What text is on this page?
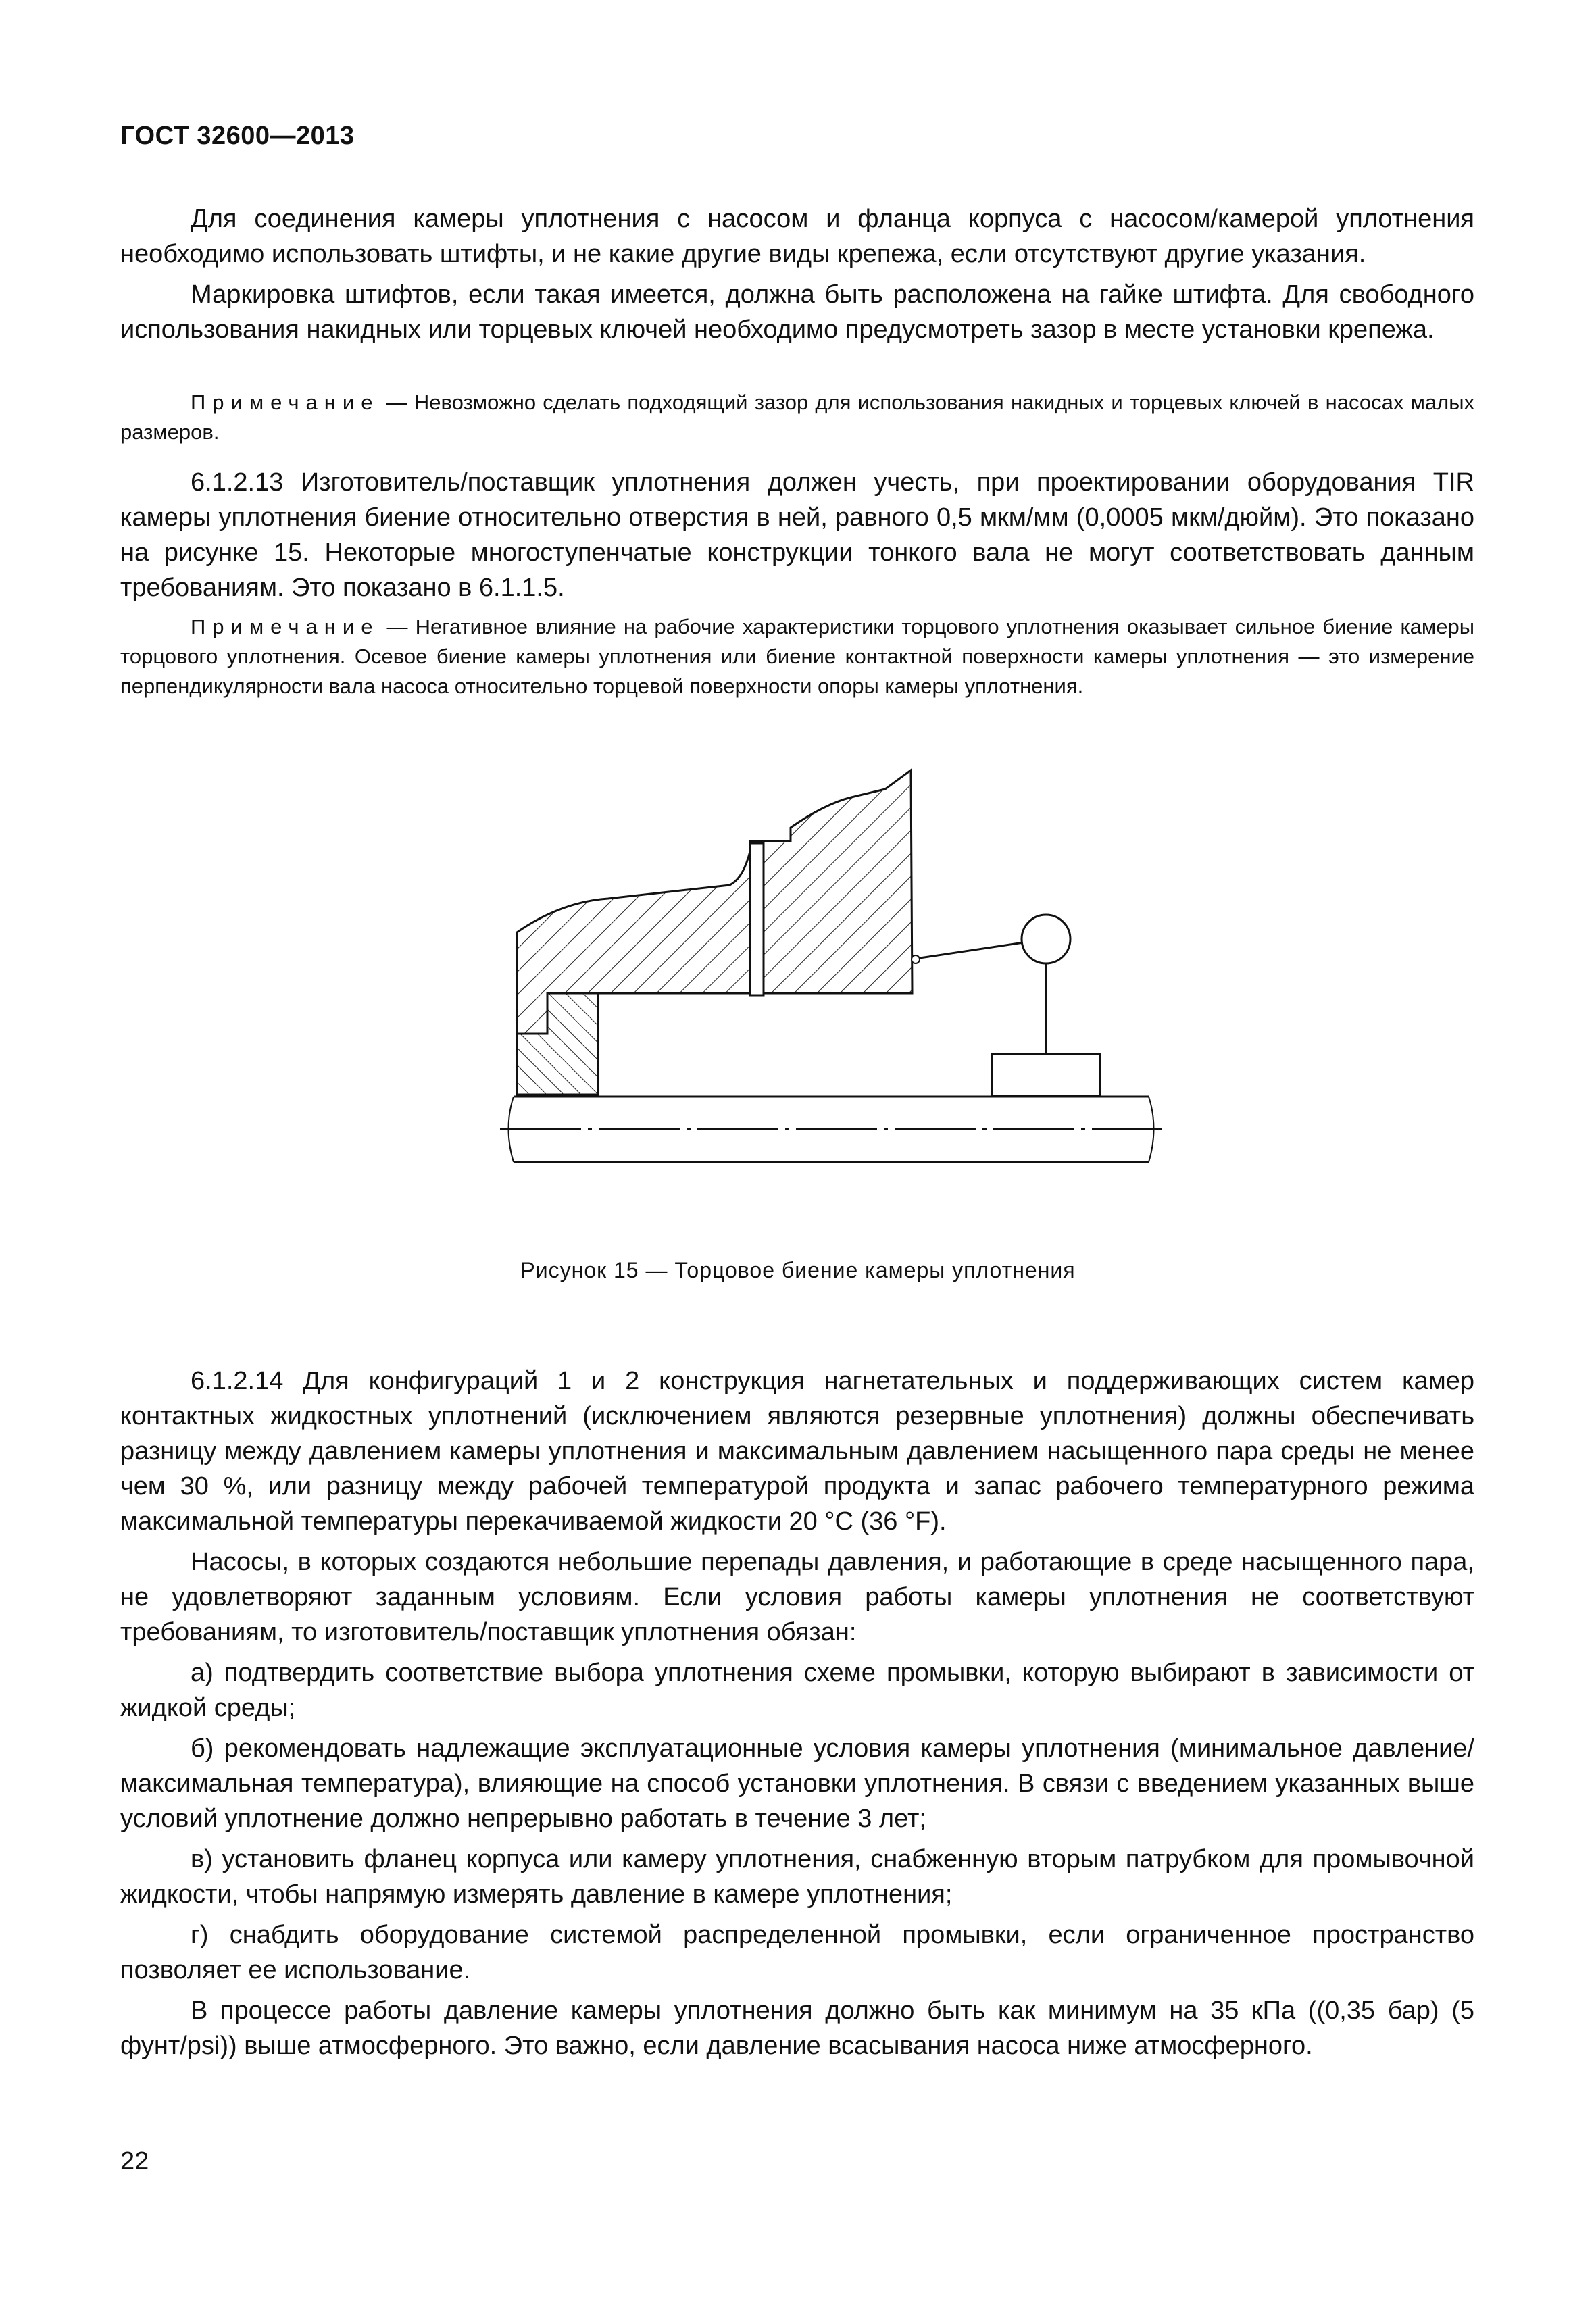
ГОСТ 32600—2013

Для соединения камеры уплотнения с насосом и фланца корпуса с насосом/камерой уплотнения необходимо использовать штифты, и не какие другие виды крепежа, если отсутствуют другие указания.

Маркировка штифтов, если такая имеется, должна быть расположена на гайке штифта. Для свободного использования накидных или торцевых ключей необходимо предусмотреть зазор в месте установки крепежа.

Примечание — Невозможно сделать подходящий зазор для использования накидных и торцевых ключей в насосах малых размеров.

6.1.2.13 Изготовитель/поставщик уплотнения должен учесть, при проектировании оборудования TIR камеры уплотнения биение относительно отверстия в ней, равного 0,5 мкм/мм (0,0005 мкм/дюйм). Это показано на рисунке 15. Некоторые многоступенчатые конструкции тонкого вала не могут соответствовать данным требованиям. Это показано в 6.1.1.5.

Примечание — Негативное влияние на рабочие характеристики торцового уплотнения оказывает сильное биение камеры торцового уплотнения. Осевое биение камеры уплотнения или биение контактной поверхности камеры уплотнения — это измерение перпендикулярности вала насоса относительно торцевой поверхности опоры камеры уплотнения.

Рисунок 15 — Торцовое биение камеры уплотнения

6.1.2.14 Для конфигураций 1 и 2 конструкция нагнетательных и поддерживающих систем камер контактных жидкостных уплотнений (исключением являются резервные уплотнения) должны обеспечивать разницу между давлением камеры уплотнения и максимальным давлением насыщенного пара среды не менее чем 30 %, или разницу между рабочей температурой продукта и запас рабочего температурного режима максимальной температуры перекачиваемой жидкости 20 °С (36 °F).

Насосы, в которых создаются небольшие перепады давления, и работающие в среде насыщенного пара, не удовлетворяют заданным условиям. Если условия работы камеры уплотнения не соответствуют требованиям, то изготовитель/поставщик уплотнения обязан:

а) подтвердить соответствие выбора уплотнения схеме промывки, которую выбирают в зависимости от жидкой среды;

б) рекомендовать надлежащие эксплуатационные условия камеры уплотнения (минимальное давление/максимальная температура), влияющие на способ установки уплотнения. В связи с введением указанных выше условий уплотнение должно непрерывно работать в течение 3 лет;

в) установить фланец корпуса или камеру уплотнения, снабженную вторым патрубком для промывочной жидкости, чтобы напрямую измерять давление в камере уплотнения;

г) снабдить оборудование системой распределенной промывки, если ограниченное пространство позволяет ее использование.

В процессе работы давление камеры уплотнения должно быть как минимум на 35 кПа ((0,35 бар) (5 фунт/psi)) выше атмосферного. Это важно, если давление всасывания насоса ниже атмосферного.

22
